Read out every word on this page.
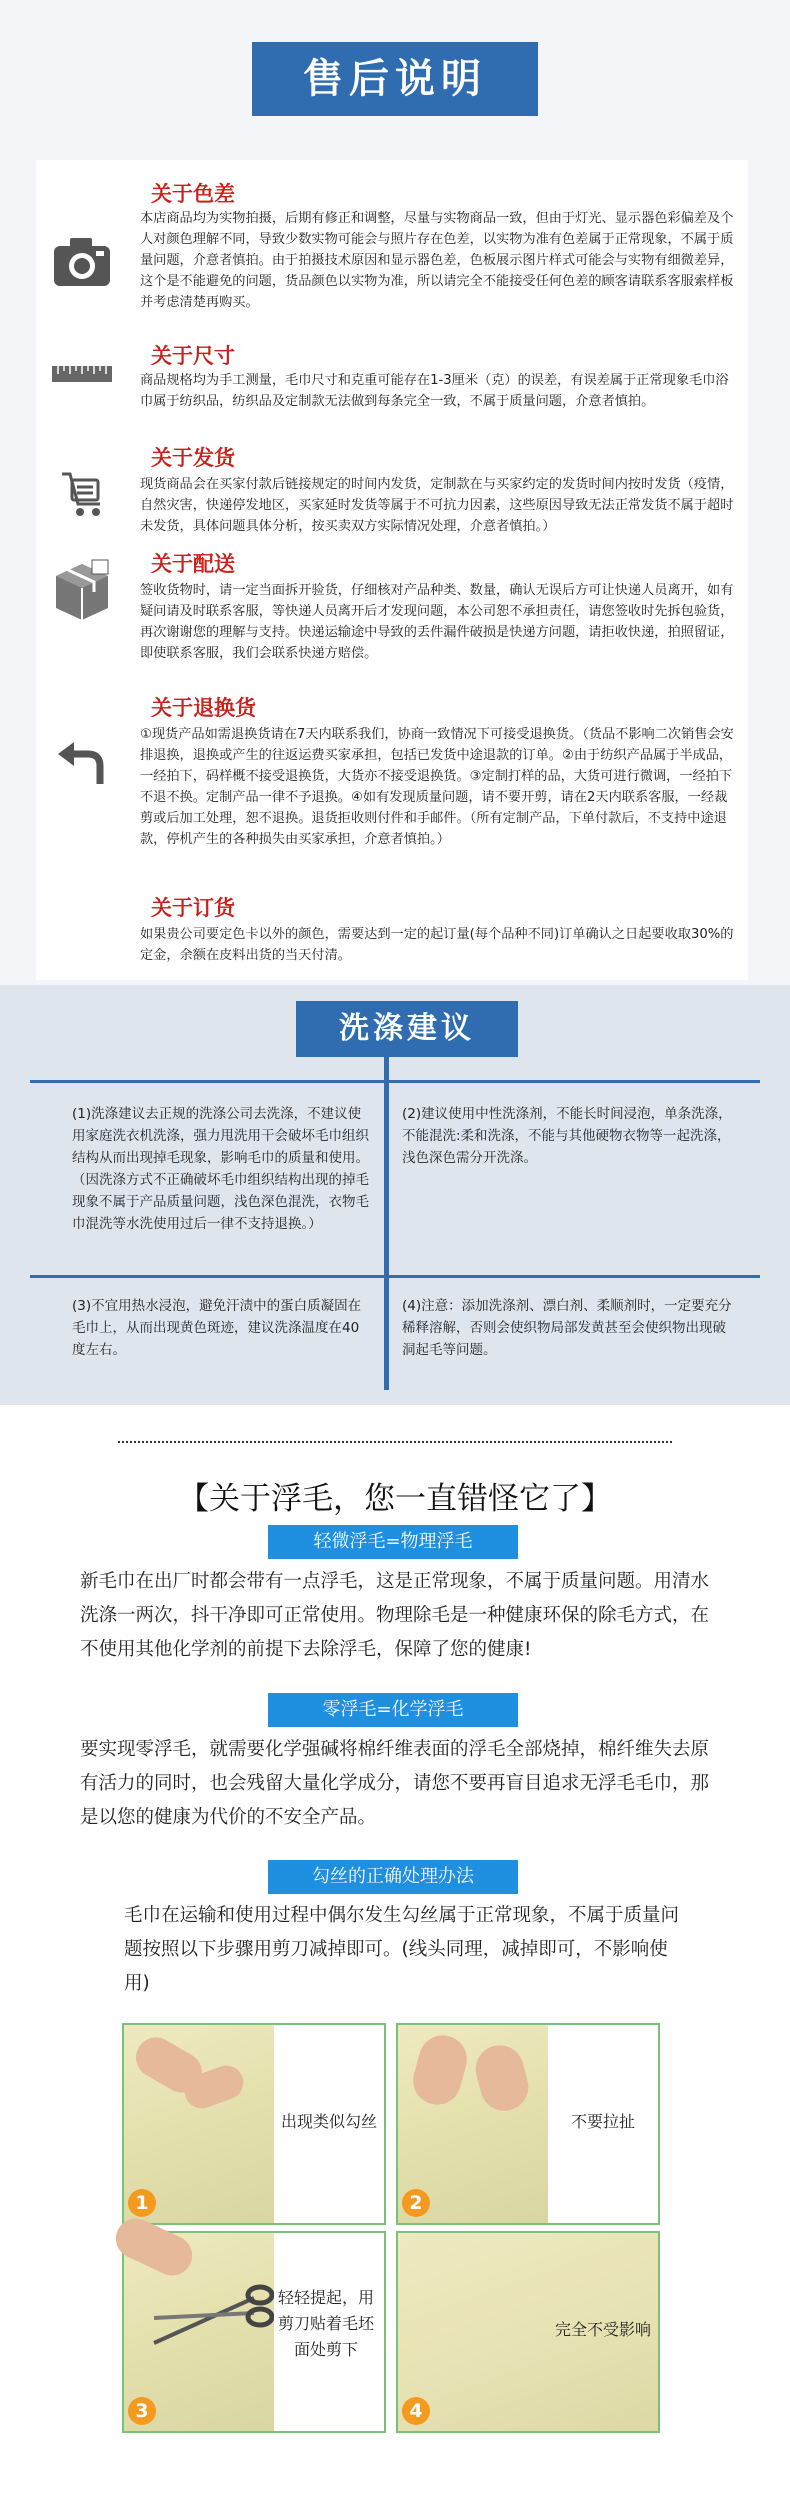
售后说明
关于色差
本店商品均为实物拍摄，后期有修正和调整，尽量与实物商品一致，但由于灯光、显示器色彩偏差及个人对颜色理解不同，导致少数实物可能会与照片存在色差，以实物为准有色差属于正常现象，不属于质量问题，介意者慎拍。由于拍摄技术原因和显示器色差，色板展示图片样式可能会与实物有细微差异，这个是不能避免的问题，货品颜色以实物为准，所以请完全不能接受任何色差的顾客请联系客服索样板并考虑清楚再购买。
关于尺寸
商品规格均为手工测量，毛巾尺寸和克重可能存在1-3厘米（克）的误差，有误差属于正常现象毛巾浴巾属于纺织品，纺织品及定制款无法做到每条完全一致，不属于质量问题，介意者慎拍。
关于发货
现货商品会在买家付款后链接规定的时间内发货，定制款在与买家约定的发货时间内按时发货（疫情，自然灾害，快递停发地区，买家延时发货等属于不可抗力因素，这些原因导致无法正常发货不属于超时未发货，具体问题具体分析，按买卖双方实际情况处理，介意者慎拍。）
关于配送
签收货物时，请一定当面拆开验货，仔细核对产品种类、数量，确认无误后方可让快递人员离开，如有疑问请及时联系客服，等快递人员离开后才发现问题，本公司恕不承担责任，请您签收时先拆包验货，再次谢谢您的理解与支持。快递运输途中导致的丢件漏件破损是快递方问题，请拒收快递，拍照留证，即使联系客服，我们会联系快递方赔偿。
关于退换货
①现货产品如需退换货请在7天内联系我们，协商一致情况下可接受退换货。（货品不影响二次销售会安排退换，退换或产生的往返运费买家承担，包括已发货中途退款的订单。②由于纺织产品属于半成品，一经拍下，码样概不接受退换货，大货亦不接受退换货。③定制打样的品，大货可进行微调，一经拍下不退不换。定制产品一律不予退换。④如有发现质量问题，请不要开剪，请在2天内联系客服，一经裁剪或后加工处理，恕不退换。退货拒收则付件和手邮件。（所有定制产品，下单付款后，不支持中途退款，停机产生的各种损失由买家承担，介意者慎拍。）
关于订货
如果贵公司要定色卡以外的颜色，需要达到一定的起订量(每个品种不同)订单确认之日起要收取30%的定金，余额在皮料出货的当天付清。
洗涤建议
(1)洗涤建议去正规的洗涤公司去洗涤，不建议使用家庭洗衣机洗涤，强力甩洗用干会破坏毛巾组织结构从而出现掉毛现象，影响毛巾的质量和使用。（因洗涤方式不正确破坏毛巾组织结构出现的掉毛现象不属于产品质量问题，浅色深色混洗，衣物毛巾混洗等水洗使用过后一律不支持退换。）
(2)建议使用中性洗涤剂，不能长时间浸泡，单条洗涤，不能混洗:柔和洗涤，不能与其他硬物衣物等一起洗涤，浅色深色需分开洗涤。
(3)不宜用热水浸泡，避免汗渍中的蛋白质凝固在毛巾上，从而出现黄色斑迹，建议洗涤温度在40度左右。
(4)注意：添加洗涤剂、漂白剂、柔顺剂时，一定要充分稀释溶解，否则会使织物局部发黄甚至会使织物出现破洞起毛等问题。
【关于浮毛，您一直错怪它了】
轻微浮毛=物理浮毛
新毛巾在出厂时都会带有一点浮毛，这是正常现象，不属于质量问题。用清水洗涤一两次，抖干净即可正常使用。物理除毛是一种健康环保的除毛方式，在不使用其他化学剂的前提下去除浮毛，保障了您的健康!
零浮毛=化学浮毛
要实现零浮毛，就需要化学强碱将棉纤维表面的浮毛全部烧掉，棉纤维失去原有活力的同时，也会残留大量化学成分，请您不要再盲目追求无浮毛毛巾，那是以您的健康为代价的不安全产品。
勾丝的正确处理办法
毛巾在运输和使用过程中偶尔发生勾丝属于正常现象，不属于质量问题按照以下步骤用剪刀减掉即可。(线头同理，减掉即可，不影响使用)
出现类似勾丝
1
不要拉扯
2
轻轻提起，用剪刀贴着毛坯面处剪下
3
完全不受影响
4
